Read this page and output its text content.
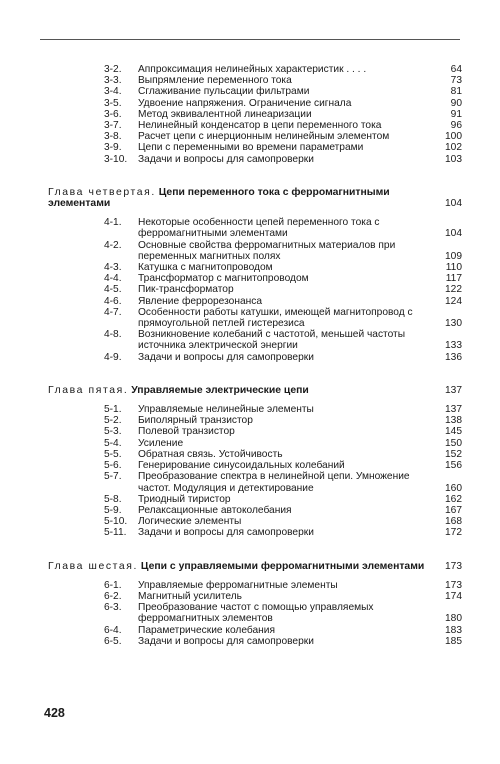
3-2.	Аппроксимация нелинейных характеристик . . . .	64
3-3.	Выпрямление переменного тока	73
3-4.	Сглаживание пульсации фильтрами	81
3-5.	Удвоение напряжения. Ограничение сигнала	90
3-6.	Метод эквивалентной линеаризации	91
3-7.	Нелинейный конденсатор в цепи переменного тока	96
3-8.	Расчет цепи с инерционным нелинейным элементом	100
3-9.	Цепи с переменными во времени параметрами	102
3-10.	Задачи и вопросы для самопроверки	103
Глава четвертая. Цепи переменного тока с ферромагнитными элементами	104
4-1.	Некоторые особенности цепей переменного тока с ферромагнитными элементами	104
4-2.	Основные свойства ферромагнитных материалов при переменных магнитных полях	109
4-3.	Катушка с магнитопроводом	110
4-4.	Трансформатор с магнитопроводом	117
4-5.	Пик-трансформатор	122
4-6.	Явление феррорезонанса	124
4-7.	Особенности работы катушки, имеющей магнитопровод с прямоугольной петлей гистерезиса	130
4-8.	Возникновение колебаний с частотой, меньшей частоты источника электрической энергии	133
4-9.	Задачи и вопросы для самопроверки	136
Глава пятая. Управляемые электрические цепи	137
5-1.	Управляемые нелинейные элементы	137
5-2.	Биполярный транзистор	138
5-3.	Полевой транзистор	145
5-4.	Усиление	150
5-5.	Обратная связь. Устойчивость	152
5-6.	Генерирование синусоидальных колебаний	156
5-7.	Преобразование спектра в нелинейной цепи. Умножение частот. Модуляция и детектирование	160
5-8.	Триодный тиристор	162
5-9.	Релаксационные автоколебания	167
5-10.	Логические элементы	168
5-11.	Задачи и вопросы для самопроверки	172
Глава шестая. Цепи с управляемыми ферромагнитными элементами	173
6-1.	Управляемые ферромагнитные элементы	173
6-2.	Магнитный усилитель	174
6-3.	Преобразование частот с помощью управляемых ферромагнитных элементов	180
6-4.	Параметрические колебания	183
6-5.	Задачи и вопросы для самопроверки	185
428
